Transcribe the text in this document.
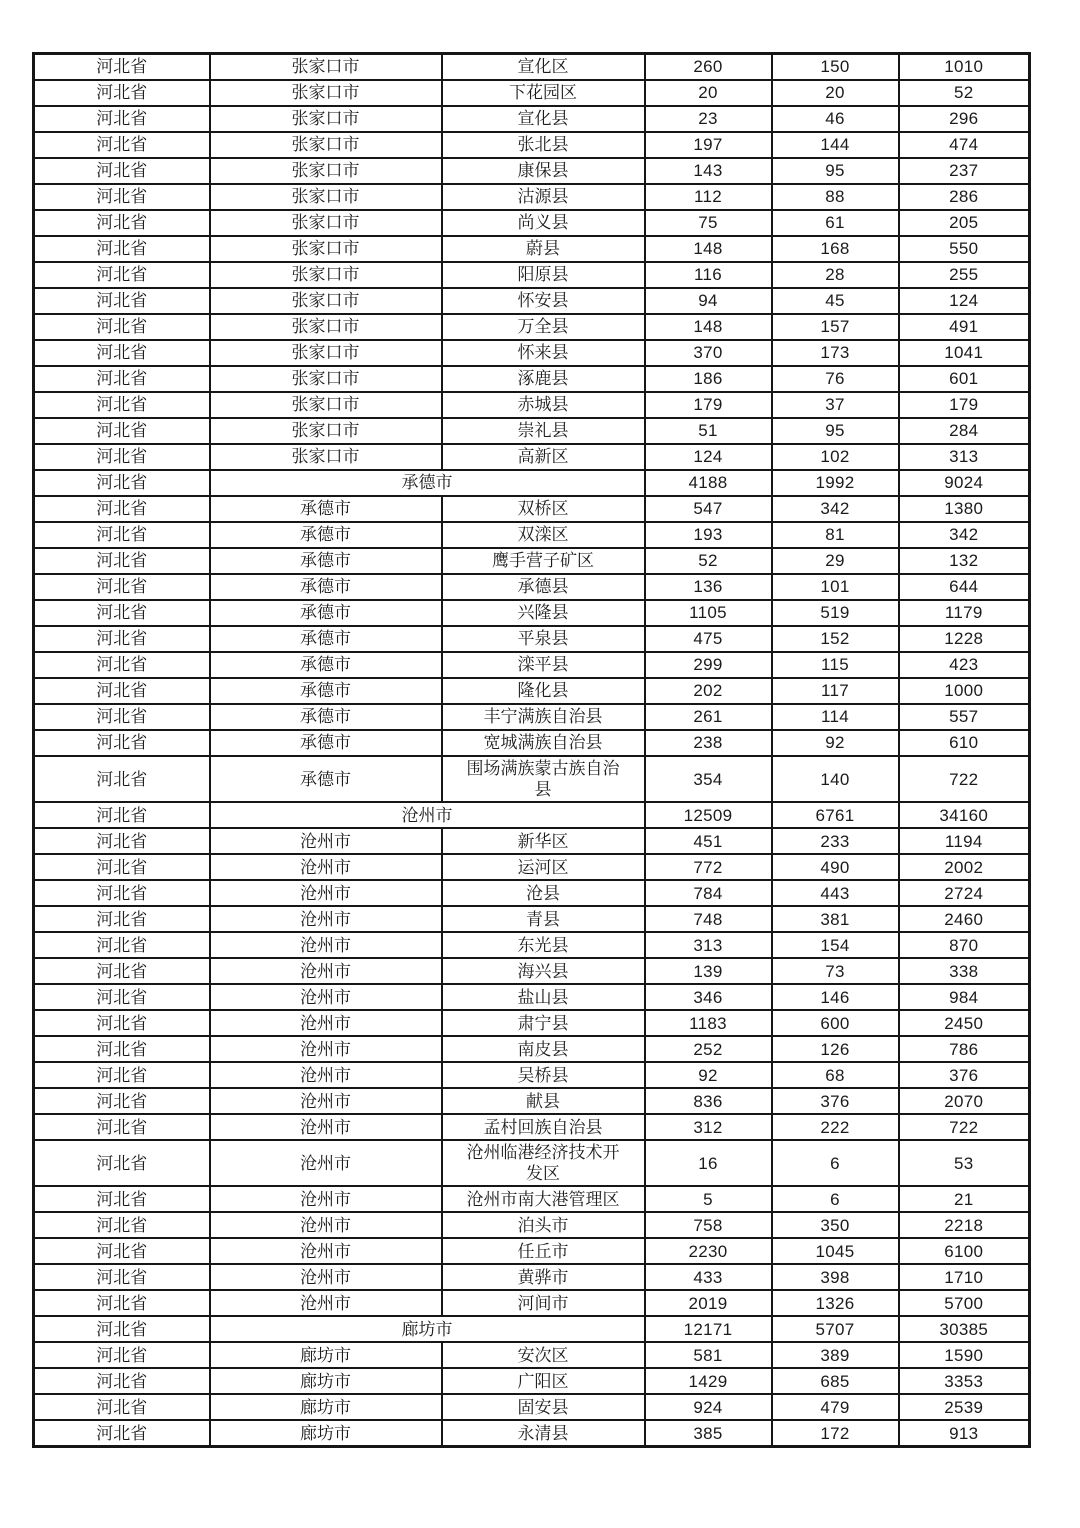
河北省	张家口市	宣化区	260	150	1010
河北省	张家口市	下花园区	20	20	52
河北省	张家口市	宣化县	23	46	296
河北省	张家口市	张北县	197	144	474
河北省	张家口市	康保县	143	95	237
河北省	张家口市	沽源县	112	88	286
河北省	张家口市	尚义县	75	61	205
河北省	张家口市	蔚县	148	168	550
河北省	张家口市	阳原县	116	28	255
河北省	张家口市	怀安县	94	45	124
河北省	张家口市	万全县	148	157	491
河北省	张家口市	怀来县	370	173	1041
河北省	张家口市	涿鹿县	186	76	601
河北省	张家口市	赤城县	179	37	179
河北省	张家口市	崇礼县	51	95	284
河北省	张家口市	高新区	124	102	313
河北省	承德市		4188	1992	9024
河北省	承德市	双桥区	547	342	1380
河北省	承德市	双滦区	193	81	342
河北省	承德市	鹰手营子矿区	52	29	132
河北省	承德市	承德县	136	101	644
河北省	承德市	兴隆县	1105	519	1179
河北省	承德市	平泉县	475	152	1228
河北省	承德市	滦平县	299	115	423
河北省	承德市	隆化县	202	117	1000
河北省	承德市	丰宁满族自治县	261	114	557
河北省	承德市	宽城满族自治县	238	92	610
河北省	承德市	围场满族蒙古族自治县	354	140	722
河北省	沧州市		12509	6761	34160
河北省	沧州市	新华区	451	233	1194
河北省	沧州市	运河区	772	490	2002
河北省	沧州市	沧县	784	443	2724
河北省	沧州市	青县	748	381	2460
河北省	沧州市	东光县	313	154	870
河北省	沧州市	海兴县	139	73	338
河北省	沧州市	盐山县	346	146	984
河北省	沧州市	肃宁县	1183	600	2450
河北省	沧州市	南皮县	252	126	786
河北省	沧州市	吴桥县	92	68	376
河北省	沧州市	献县	836	376	2070
河北省	沧州市	孟村回族自治县	312	222	722
河北省	沧州市	沧州临港经济技术开发区	16	6	53
河北省	沧州市	沧州市南大港管理区	5	6	21
河北省	沧州市	泊头市	758	350	2218
河北省	沧州市	任丘市	2230	1045	6100
河北省	沧州市	黄骅市	433	398	1710
河北省	沧州市	河间市	2019	1326	5700
河北省	廊坊市		12171	5707	30385
河北省	廊坊市	安次区	581	389	1590
河北省	廊坊市	广阳区	1429	685	3353
河北省	廊坊市	固安县	924	479	2539
河北省	廊坊市	永清县	385	172	913
